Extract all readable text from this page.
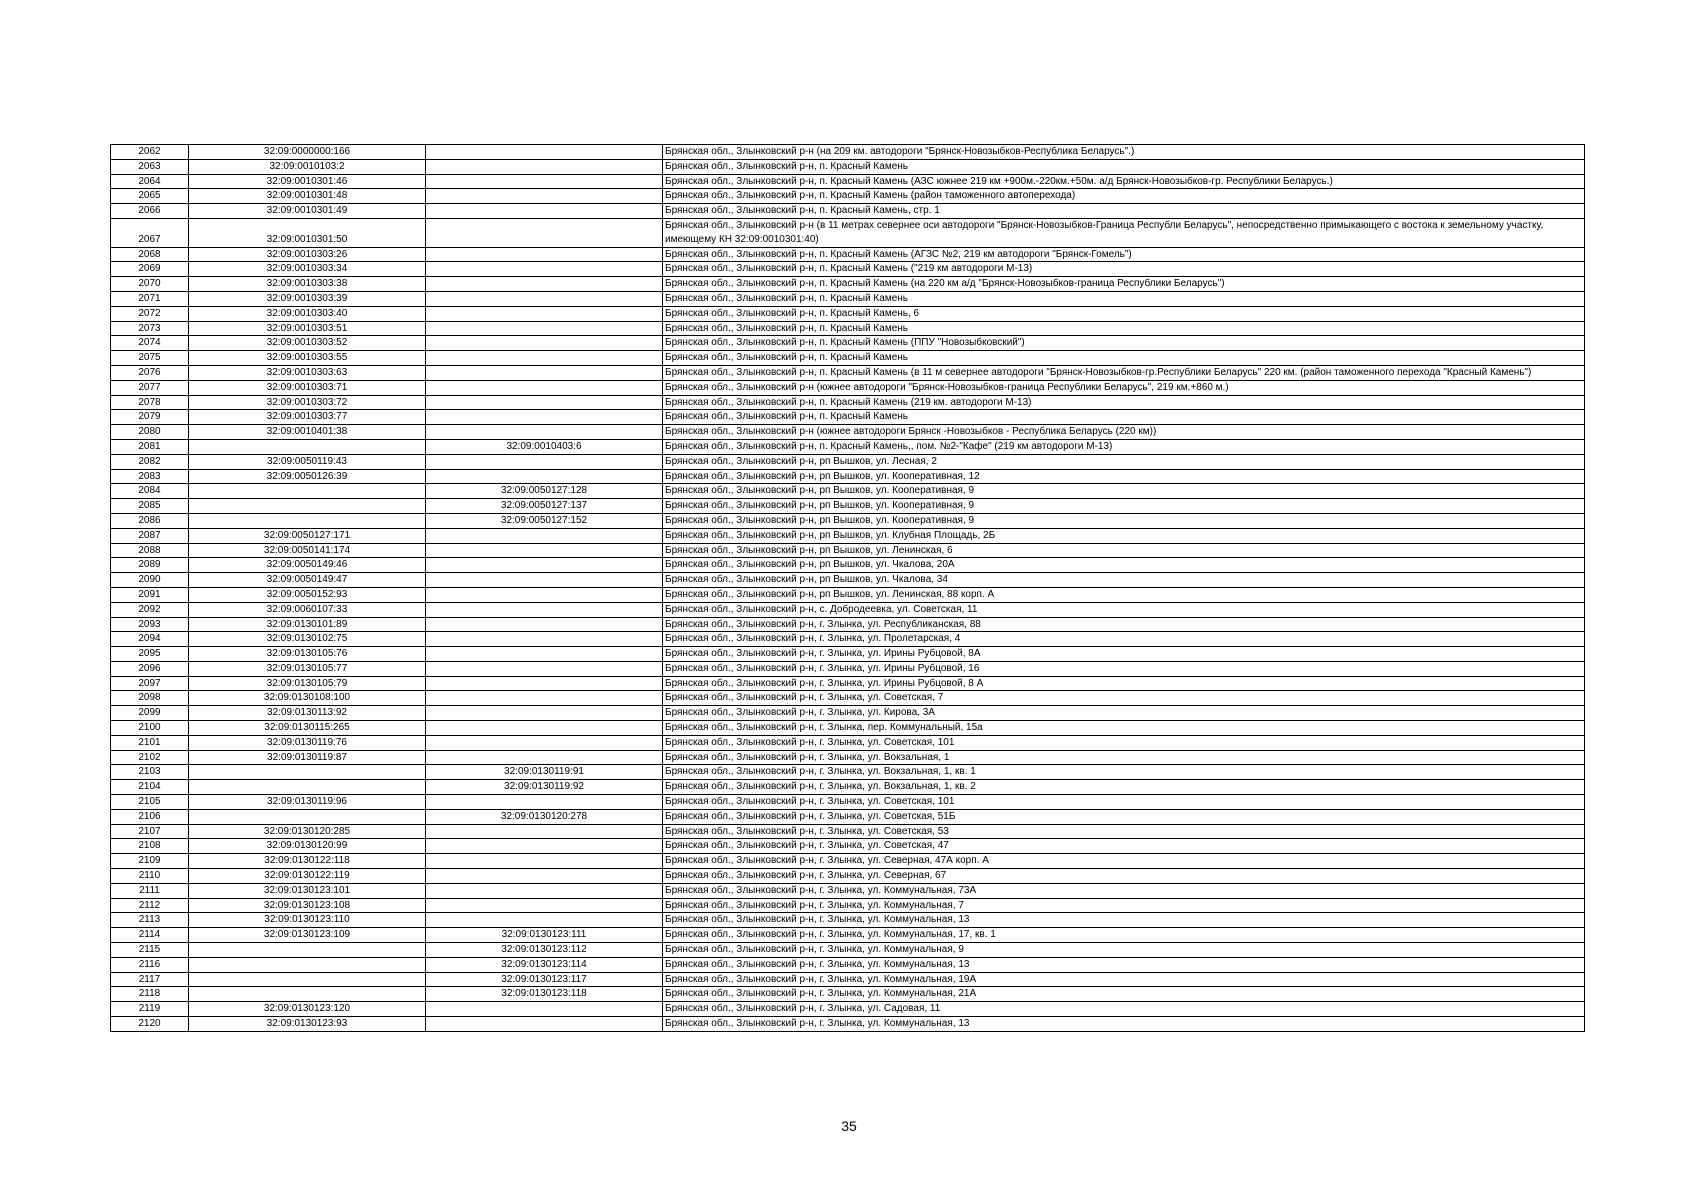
2062	32:09:0000000:166		Брянская обл., Злынковский р-н (на 209 км. автодороги "Брянск-Новозыбков-Республика Беларусь".)
2063	32:09:0010103:2		Брянская обл., Злынковский р-н, п. Красный Камень
2064	32:09:0010301:46		Брянская обл., Злынковский р-н, п. Красный Камень (АЗС южнее 219 км +900м.-220км.+50м. а/д Брянск-Новозыбков-гр. Республики Беларусь.)
2065	32:09:0010301:48		Брянская обл., Злынковский р-н, п. Красный Камень (район таможенного автоперехода)
2066	32:09:0010301:49		Брянская обл., Злынковский р-н, п. Красный Камень, стр. 1
2067	32:09:0010301:50		Брянская обл., Злынковский р-н (в 11 метрах севернее оси автодороги "Брянск-Новозыбков-Граница Республи Беларусь", непосредственно примыкающего с востока к земельному участку, имеющему КН 32:09:0010301:40)
2068	32:09:0010303:26		Брянская обл., Злынковский р-н, п. Красный Камень (АГЗС №2, 219 км автодороги "Брянск-Гомель")
2069	32:09:0010303:34		Брянская обл., Злынковский р-н, п. Красный Камень ("219 км автодороги М-13)
2070	32:09:0010303:38		Брянская обл., Злынковский р-н, п. Красный Камень (на 220 км а/д "Брянск-Новозыбков-граница Республики Беларусь")
2071	32:09:0010303:39		Брянская обл., Злынковский р-н, п. Красный Камень
2072	32:09:0010303:40		Брянская обл., Злынковский р-н, п. Красный Камень, 6
2073	32:09:0010303:51		Брянская обл., Злынковский р-н, п. Красный Камень
2074	32:09:0010303:52		Брянская обл., Злынковский р-н, п. Красный Камень (ППУ "Новозыбковский")
2075	32:09:0010303:55		Брянская обл., Злынковский р-н, п. Красный Камень
2076	32:09:0010303:63		Брянская обл., Злынковский р-н, п. Красный Камень (в 11 м севернее автодороги "Брянск-Новозыбков-гр.Республики Беларусь" 220 км. (район таможенного перехода "Красный Камень")
2077	32:09:0010303:71		Брянская обл., Злынковский р-н (южнее автодороги "Брянск-Новозыбков-граница Республики Беларусь", 219 км.+860 м.)
2078	32:09:0010303:72		Брянская обл., Злынковский р-н, п. Красный Камень (219 км. автодороги М-13)
2079	32:09:0010303:77		Брянская обл., Злынковский р-н, п. Красный Камень
2080	32:09:0010401:38		Брянская обл., Злынковский р-н (южнее автодороги Брянск -Новозыбков - Республика Беларусь (220 км))
2081		32:09:0010403:6	Брянская обл., Злынковский р-н, п. Красный Камень,, пом. №2-"Кафе" (219 км автодороги М-13)
2082	32:09:0050119:43		Брянская обл., Злынковский р-н, рп Вышков, ул. Лесная, 2
2083	32:09:0050126:39		Брянская обл., Злынковский р-н, рп Вышков, ул. Кооперативная, 12
2084		32:09:0050127:128	Брянская обл., Злынковский р-н, рп Вышков, ул. Кооперативная, 9
2085		32:09:0050127:137	Брянская обл., Злынковский р-н, рп Вышков, ул. Кооперативная, 9
2086		32:09:0050127:152	Брянская обл., Злынковский р-н, рп Вышков, ул. Кооперативная, 9
2087	32:09:0050127:171		Брянская обл., Злынковский р-н, рп Вышков, ул. Клубная Площадь, 2Б
2088	32:09:0050141:174		Брянская обл., Злынковский р-н, рп Вышков, ул. Ленинская, 6
2089	32:09:0050149:46		Брянская обл., Злынковский р-н, рп Вышков, ул. Чкалова, 20А
2090	32:09:0050149:47		Брянская обл., Злынковский р-н, рп Вышков, ул. Чкалова, 34
2091	32:09:0050152:93		Брянская обл., Злынковский р-н, рп Вышков, ул. Ленинская, 88 корп. А
2092	32:09:0060107:33		Брянская обл., Злынковский р-н, с. Добродеевка, ул. Советская, 11
2093	32:09:0130101:89		Брянская обл., Злынковский р-н, г. Злынка, ул. Республиканская, 88
2094	32:09:0130102:75		Брянская обл., Злынковский р-н, г. Злынка, ул. Пролетарская, 4
2095	32:09:0130105:76		Брянская обл., Злынковский р-н, г. Злынка, ул. Ирины Рубцовой, 8А
2096	32:09:0130105:77		Брянская обл., Злынковский р-н, г. Злынка, ул. Ирины Рубцовой, 16
2097	32:09:0130105:79		Брянская обл., Злынковский р-н, г. Злынка, ул. Ирины Рубцовой, 8 А
2098	32:09:0130108:100		Брянская обл., Злынковский р-н, г. Злынка, ул. Советская, 7
2099	32:09:0130113:92		Брянская обл., Злынковский р-н, г. Злынка, ул. Кирова, 3А
2100	32:09:0130115:265		Брянская обл., Злынковский р-н, г. Злынка, пер. Коммунальный, 15а
2101	32:09:0130119:76		Брянская обл., Злынковский р-н, г. Злынка, ул. Советская, 101
2102	32:09:0130119:87		Брянская обл., Злынковский р-н, г. Злынка, ул. Вокзальная, 1
2103		32:09:0130119:91	Брянская обл., Злынковский р-н, г. Злынка, ул. Вокзальная, 1, кв. 1
2104		32:09:0130119:92	Брянская обл., Злынковский р-н, г. Злынка, ул. Вокзальная, 1, кв. 2
2105	32:09:0130119:96		Брянская обл., Злынковский р-н, г. Злынка, ул. Советская, 101
2106		32:09:0130120:278	Брянская обл., Злынковский р-н, г. Злынка, ул. Советская, 51Б
2107	32:09:0130120:285		Брянская обл., Злынковский р-н, г. Злынка, ул. Советская, 53
2108	32:09:0130120:99		Брянская обл., Злынковский р-н, г. Злынка, ул. Советская, 47
2109	32:09:0130122:118		Брянская обл., Злынковский р-н, г. Злынка, ул. Северная, 47А корп. А
2110	32:09:0130122:119		Брянская обл., Злынковский р-н, г. Злынка, ул. Северная, 67
2111	32:09:0130123:101		Брянская обл., Злынковский р-н, г. Злынка, ул. Коммунальная, 73А
2112	32:09:0130123:108		Брянская обл., Злынковский р-н, г. Злынка, ул. Коммунальная, 7
2113	32:09:0130123:110		Брянская обл., Злынковский р-н, г. Злынка, ул. Коммунальная, 13
2114	32:09:0130123:109	32:09:0130123:111	Брянская обл., Злынковский р-н, г. Злынка, ул. Коммунальная, 17, кв. 1
2115		32:09:0130123:112	Брянская обл., Злынковский р-н, г. Злынка, ул. Коммунальная, 9
2116		32:09:0130123:114	Брянская обл., Злынковский р-н, г. Злынка, ул. Коммунальная, 13
2117		32:09:0130123:117	Брянская обл., Злынковский р-н, г. Злынка, ул. Коммунальная, 19А
2118		32:09:0130123:118	Брянская обл., Злынковский р-н, г. Злынка, ул. Коммунальная, 21А
2119	32:09:0130123:120		Брянская обл., Злынковский р-н, г. Злынка, ул. Садовая, 11
2120	32:09:0130123:93		Брянская обл., Злынковский р-н, г. Злынка, ул. Коммунальная, 13
35
